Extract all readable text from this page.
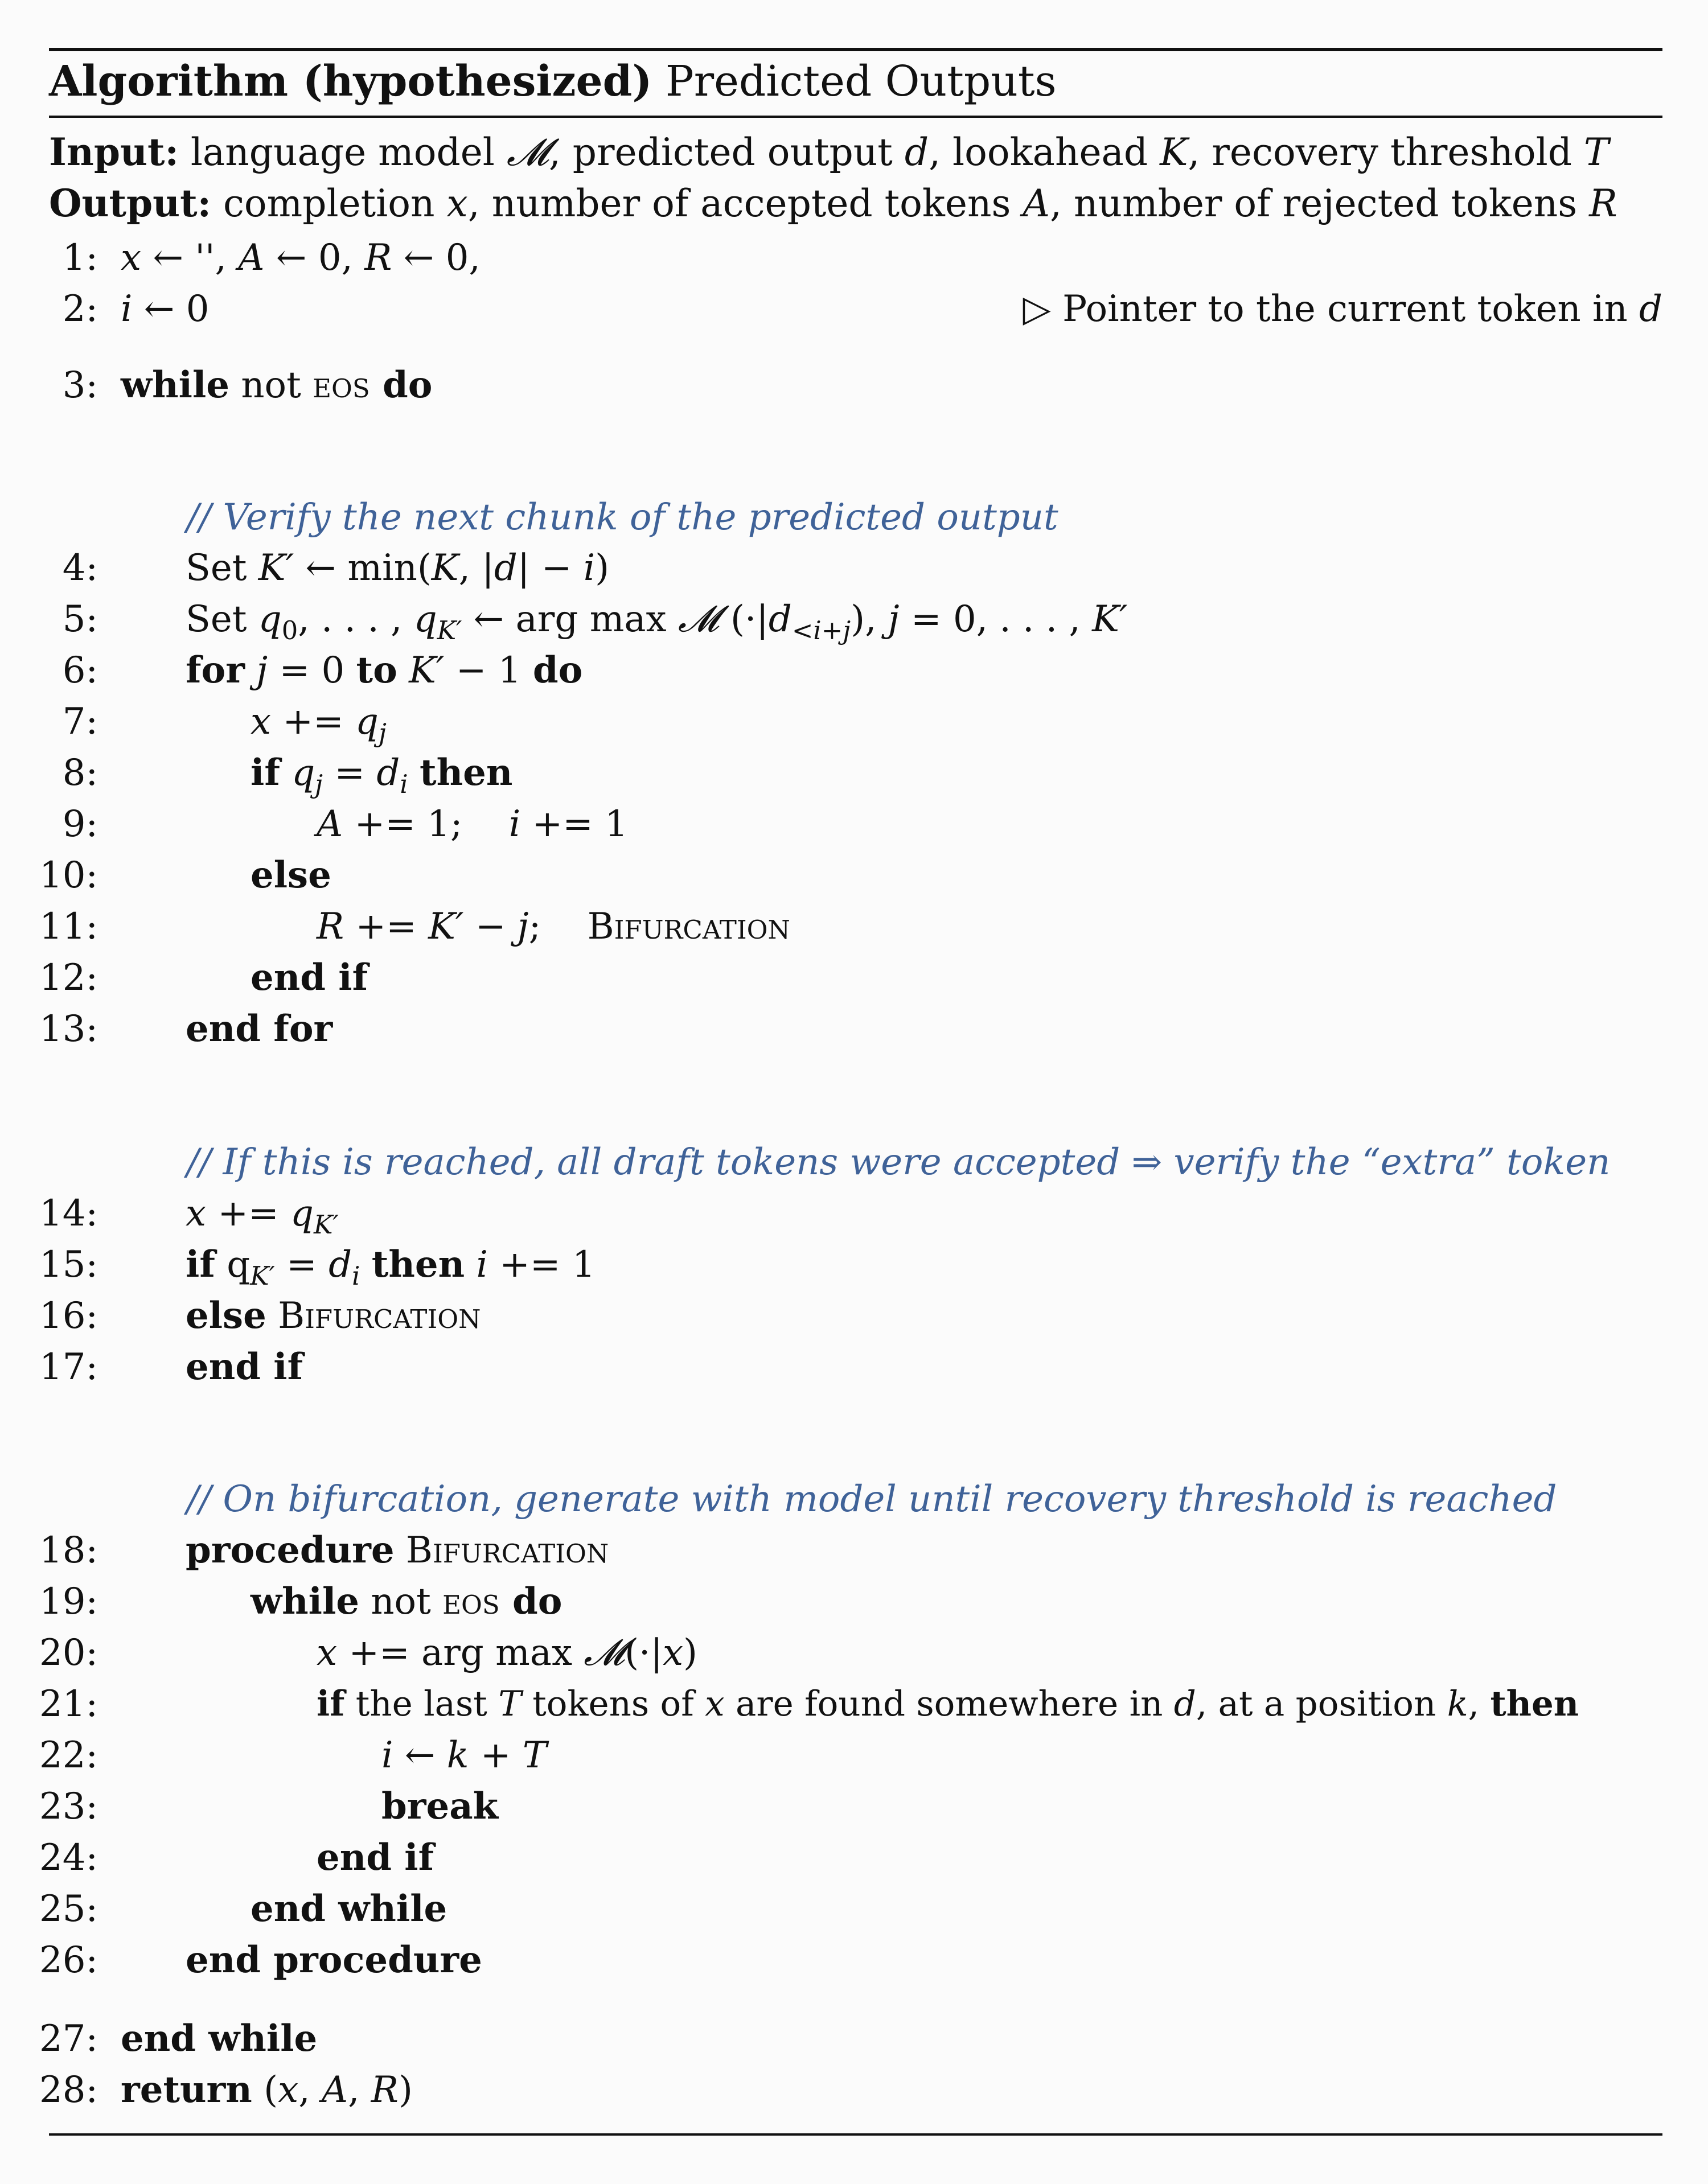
Algorithm (hypothesized) Predicted Outputs
Input: language model 𝓜, predicted output d, lookahead K, recovery threshold T
Output: completion x, number of accepted tokens A, number of rejected tokens R
1: x ← '', A ← 0, R ← 0,
2: i ← 0	▷ Pointer to the current token in d
3: while not eos do
// Verify the next chunk of the predicted output
4: Set K′ ← min(K, |d| − i)
5: Set $q_0$, . . . , $q_{K'}$ ← arg max 𝓜 $(\cdot|d_{<i+j})$, j = 0, . . . , K′
6: for j = 0 to K′ − 1 do
7:	$x += q_j$
8:	if $q_j = d_i$ then
9:	A += 1;    i += 1
10:	else
11:	R += K′ − j;    Bifurcation
12:	end if
13: end for
// If this is reached, all draft tokens were accepted ⇒ verify the “extra” token
14: $x += q_{K'}$
15: if $q_{K'} = d_i$ then i += 1
16: else Bifurcation
17: end if
// On bifurcation, generate with model until recovery threshold is reached
18: procedure Bifurcation
19:	while not eos do
20:	x += arg max 𝓜(·|x)
21:	if the last T tokens of x are found somewhere in d, at a position k, then
22:	i ← k + T
23:	break
24:	end if
25:	end while
26: end procedure
27: end while
28: return (x, A, R)
